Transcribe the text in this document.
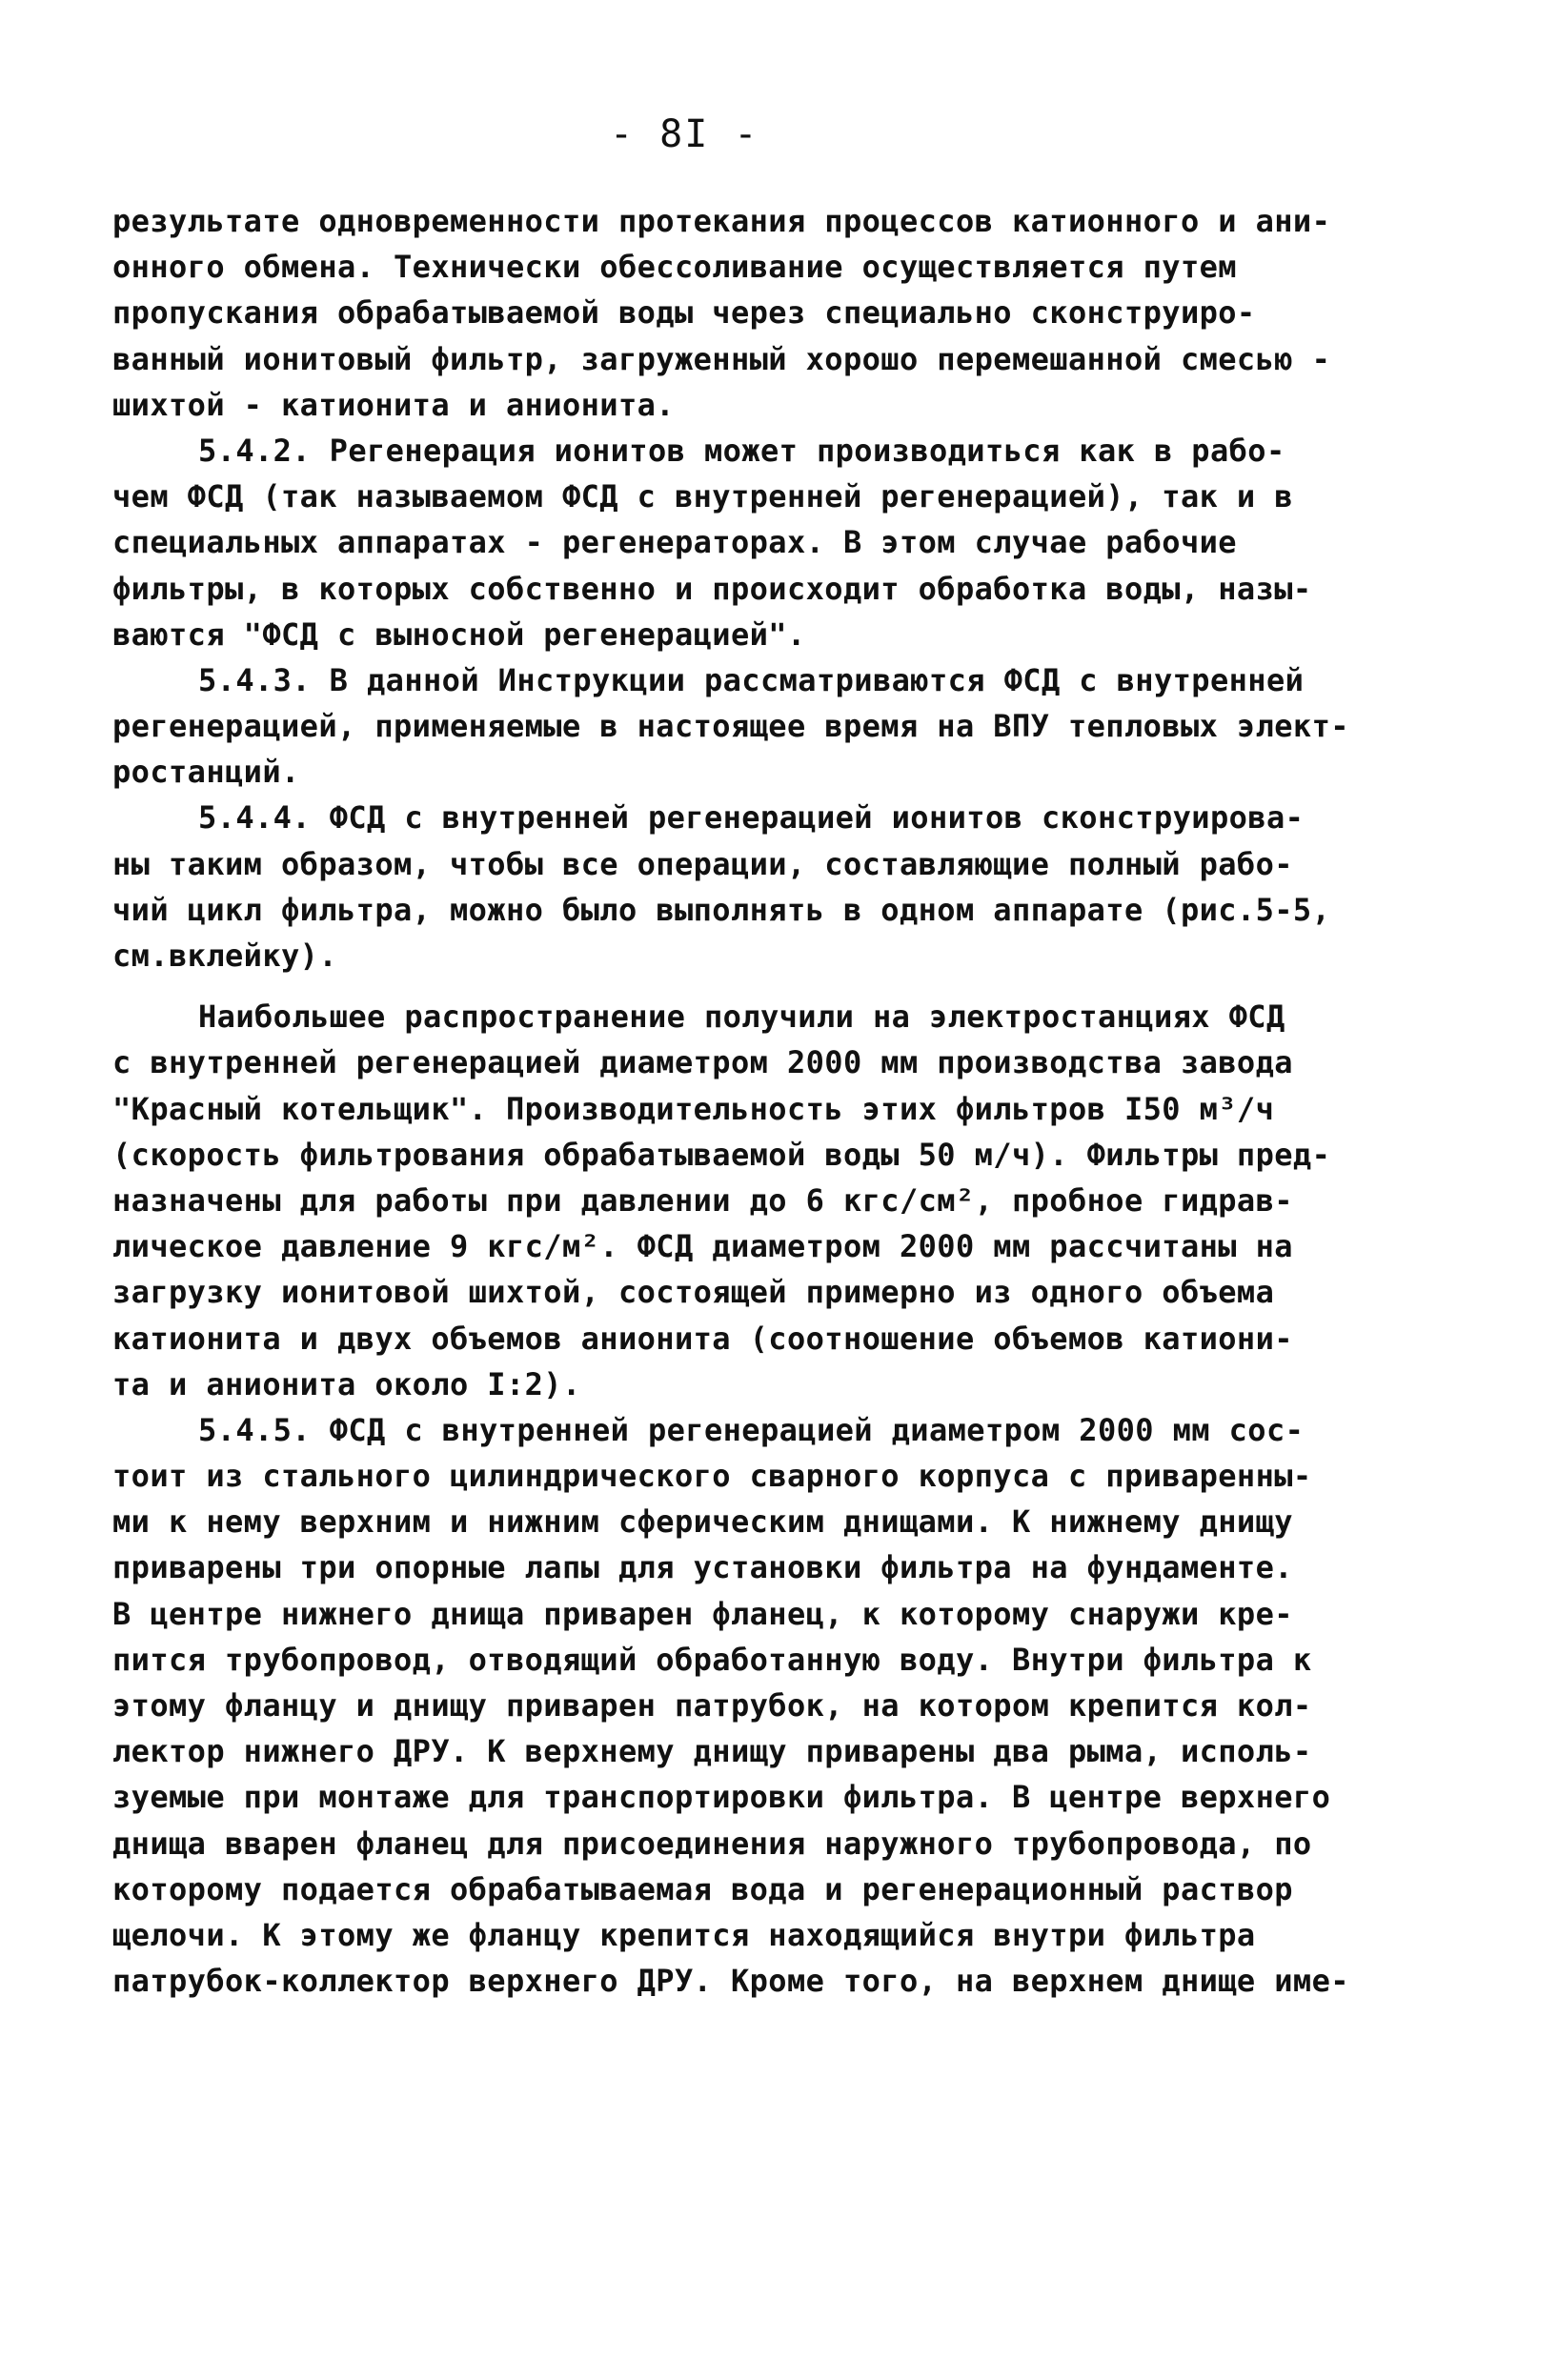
- 8I -
результате одновременности протекания процессов катионного и ани-
онного обмена. Технически обессоливание осуществляется путем
пропускания обрабатываемой воды через специально сконструиро-
ванный ионитовый фильтр, загруженный хорошо перемешанной смесью -
шихтой - катионита и анионита.
5.4.2. Регенерация ионитов может производиться как в рабо-
чем ФСД (так называемом ФСД с внутренней регенерацией), так и в
специальных аппаратах - регенераторах. В этом случае рабочие
фильтры, в которых собственно и происходит обработка воды, назы-
ваются "ФСД с выносной регенерацией".
5.4.3. В данной Инструкции рассматриваются ФСД с внутренней
регенерацией, применяемые в настоящее время на ВПУ тепловых элект-
ростанций.
5.4.4. ФСД с внутренней регенерацией ионитов сконструирова-
ны таким образом, чтобы все операции, составляющие полный рабо-
чий цикл фильтра, можно было выполнять в одном аппарате (рис.5-5,
см.вклейку).
Наибольшее распространение получили на электростанциях ФСД
с внутренней регенерацией диаметром 2000 мм производства завода
"Красный котельщик". Производительность этих фильтров I50 м³/ч
(скорость фильтрования обрабатываемой воды 50 м/ч). Фильтры пред-
назначены для работы при давлении до 6 кгс/см², пробное гидрав-
лическое давление 9 кгс/м². ФСД диаметром 2000 мм рассчитаны на
загрузку ионитовой шихтой, состоящей примерно из одного объема
катионита и двух объемов анионита (соотношение объемов катиони-
та и анионита около I:2).
5.4.5. ФСД с внутренней регенерацией диаметром 2000 мм сос-
тоит из стального цилиндрического сварного корпуса с приваренны-
ми к нему верхним и нижним сферическим днищами. К нижнему днищу
приварены три опорные лапы для установки фильтра на фундаменте.
В центре нижнего днища приварен фланец, к которому снаружи кре-
пится трубопровод, отводящий обработанную воду. Внутри фильтра к
этому фланцу и днищу приварен патрубок, на котором крепится кол-
лектор нижнего ДРУ. К верхнему днищу приварены два рыма, исполь-
зуемые при монтаже для транспортировки фильтра. В центре верхнего
днища вварен фланец для присоединения наружного трубопровода, по
которому подается обрабатываемая вода и регенерационный раствор
щелочи. К этому же фланцу крепится находящийся внутри фильтра
патрубок-коллектор верхнего ДРУ. Кроме того, на верхнем днище име-
